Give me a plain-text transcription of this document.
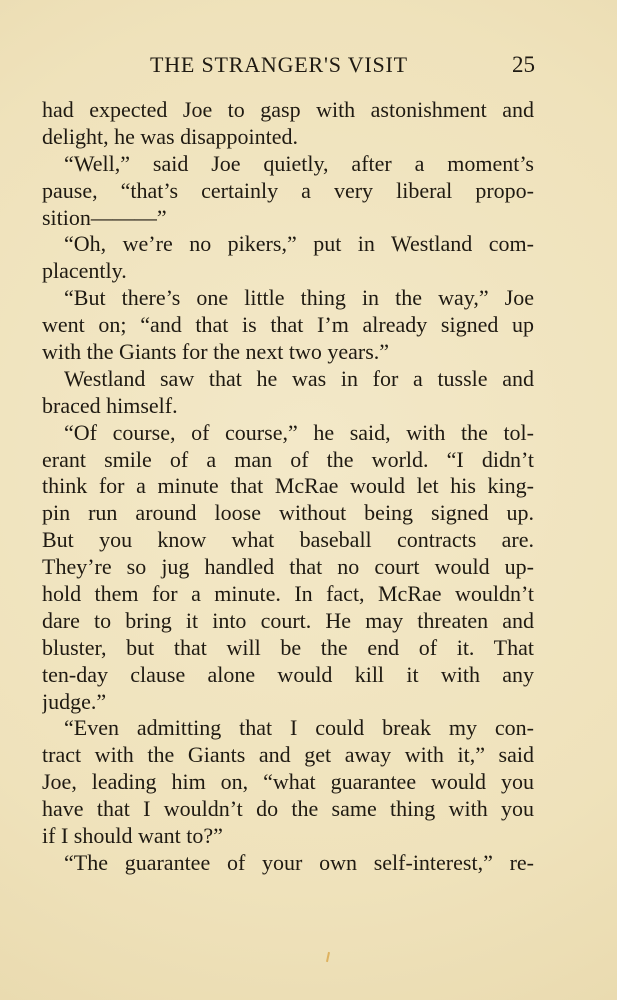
THE STRANGER'S VISIT	25
had expected Joe to gasp with astonishment and
delight, he was disappointed.
“Well,” said Joe quietly, after a moment’s
pause, “that’s certainly a very liberal propo-
sition———”
“Oh, we’re no pikers,” put in Westland com-
placently.
“But there’s one little thing in the way,” Joe
went on; “and that is that I’m already signed up
with the Giants for the next two years.”
Westland saw that he was in for a tussle and
braced himself.
“Of course, of course,” he said, with the tol-
erant smile of a man of the world. “I didn’t
think for a minute that McRae would let his king-
pin run around loose without being signed up.
But you know what baseball contracts are.
They’re so jug handled that no court would up-
hold them for a minute. In fact, McRae wouldn’t
dare to bring it into court. He may threaten and
bluster, but that will be the end of it. That
ten-day clause alone would kill it with any
judge.”
“Even admitting that I could break my con-
tract with the Giants and get away with it,” said
Joe, leading him on, “what guarantee would you
have that I wouldn’t do the same thing with you
if I should want to?”
“The guarantee of your own self-interest,” re-
